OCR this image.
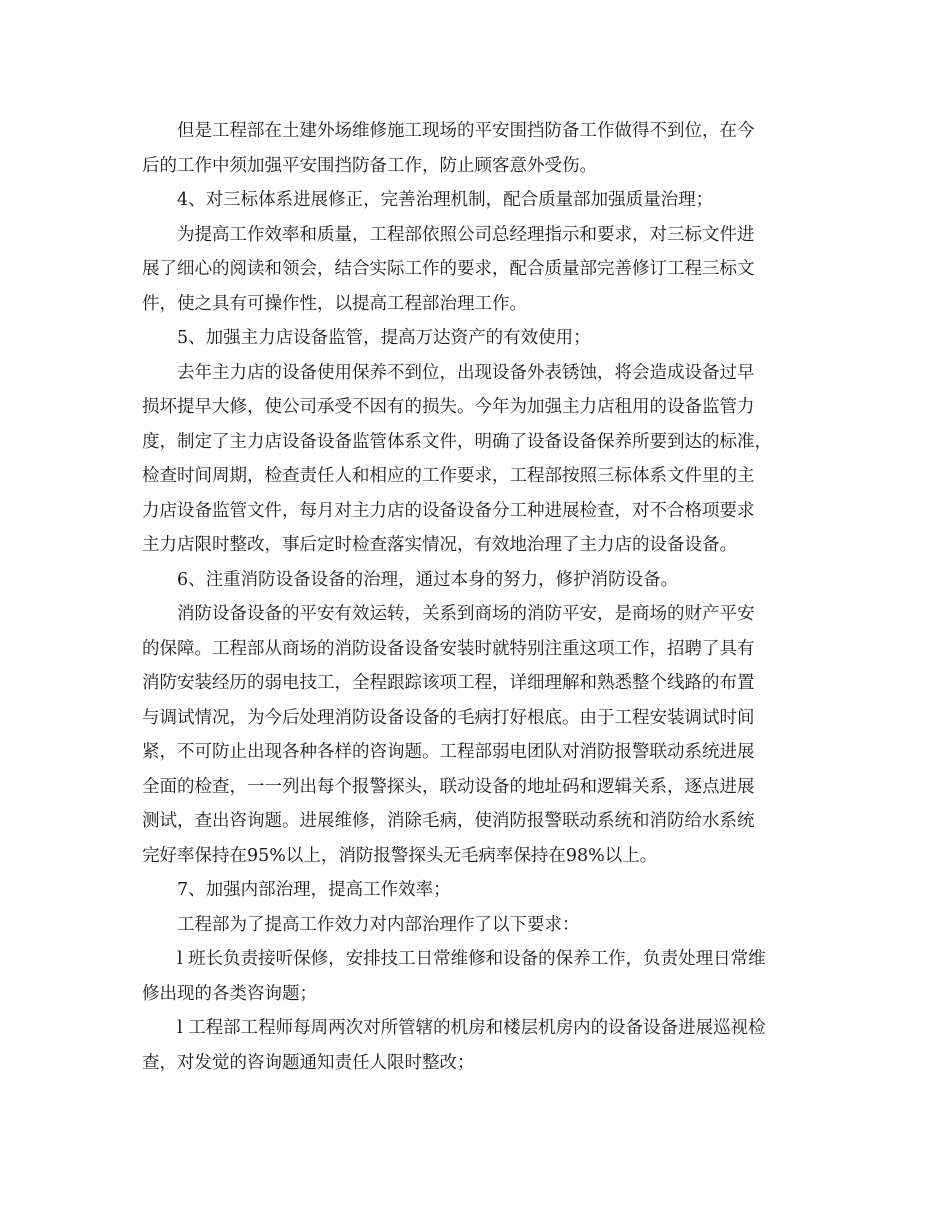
但是工程部在土建外场维修施工现场的平安围挡防备工作做得不到位，在今
后的工作中须加强平安围挡防备工作，防止顾客意外受伤。

4、对三标体系进展修正，完善治理机制，配合质量部加强质量治理；

为提高工作效率和质量，工程部依照公司总经理指示和要求，对三标文件进
展了细心的阅读和领会，结合实际工作的要求，配合质量部完善修订工程三标文
件，使之具有可操作性，以提高工程部治理工作。

5、加强主力店设备监管，提高万达资产的有效使用；

去年主力店的设备使用保养不到位，出现设备外表锈蚀，将会造成设备过早
损坏提早大修，使公司承受不因有的损失。今年为加强主力店租用的设备监管力
度，制定了主力店设备设备监管体系文件，明确了设备设备保养所要到达的标准，
检查时间周期，检查责任人和相应的工作要求，工程部按照三标体系文件里的主
力店设备监管文件，每月对主力店的设备设备分工种进展检查，对不合格项要求
主力店限时整改，事后定时检查落实情况，有效地治理了主力店的设备设备。

6、注重消防设备设备的治理，通过本身的努力，修护消防设备。

消防设备设备的平安有效运转，关系到商场的消防平安，是商场的财产平安
的保障。工程部从商场的消防设备设备安装时就特别注重这项工作，招聘了具有
消防安装经历的弱电技工，全程跟踪该项工程，详细理解和熟悉整个线路的布置
与调试情况，为今后处理消防设备设备的毛病打好根底。由于工程安装调试时间
紧，不可防止出现各种各样的咨询题。工程部弱电团队对消防报警联动系统进展
全面的检查，一一列出每个报警探头，联动设备的地址码和逻辑关系，逐点进展
测试，查出咨询题。进展维修，消除毛病，使消防报警联动系统和消防给水系统
完好率保持在95%以上，消防报警探头无毛病率保持在98%以上。

7、加强内部治理，提高工作效率；

工程部为了提高工作效力对内部治理作了以下要求：

l 班长负责接听保修，安排技工日常维修和设备的保养工作，负责处理日常维
修出现的各类咨询题；

l 工程部工程师每周两次对所管辖的机房和楼层机房内的设备设备进展巡视检
查，对发觉的咨询题通知责任人限时整改；
